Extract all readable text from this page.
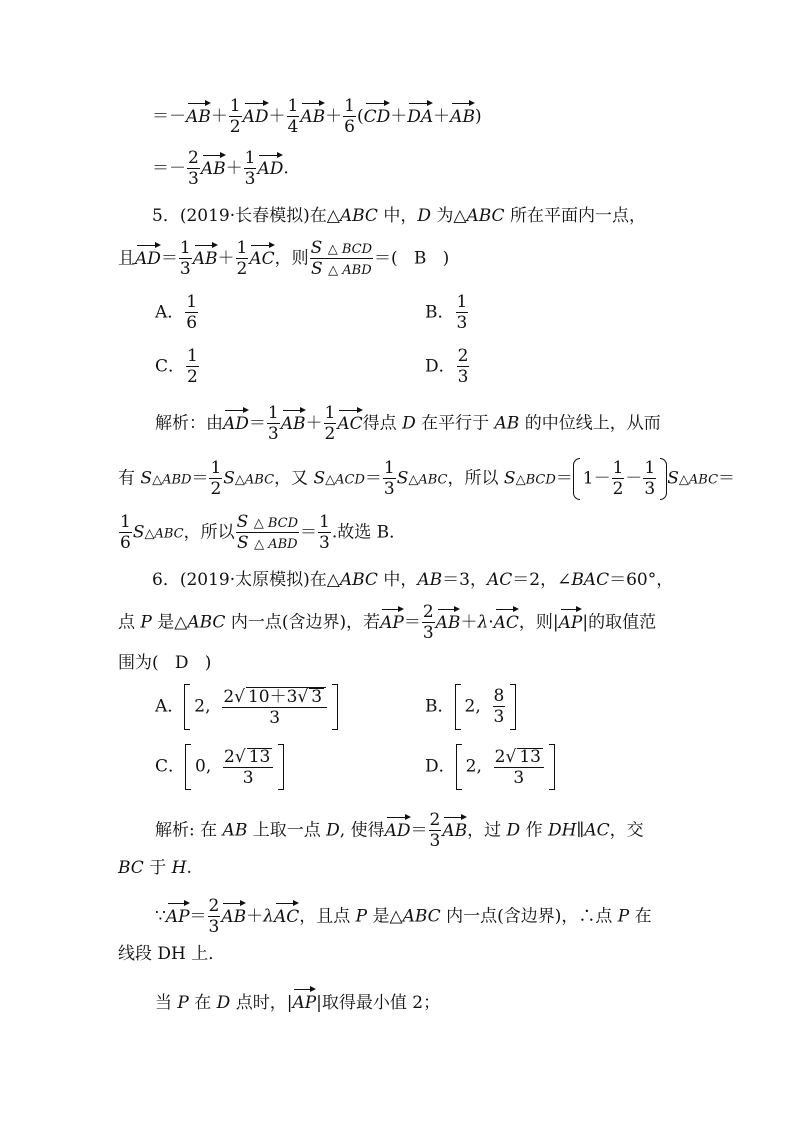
$=-AB+ \frac{1}{2} AD+ \frac{1}{4} AB+ \frac{1}{6} (CD+DA+AB)$
＝－ $\frac{2}{3} AB+ \frac{1}{3}$ AD.
5．(2019·长春模拟)在△ABC 中，D 为△ABC 所在平面内一点，
且$AD= \frac{1}{3} AB+ \frac{1}{2}$ AC，则 $\frac{\text{S △ BCD}}{\text{S △ ABD}}$ ＝(   B   )
A． $\frac{1}{6}$	B． $\frac{1}{3}$
C． $\frac{1}{2}$	D． $\frac{2}{3}$
解析：由$AD= \frac{1}{3} AB+ \frac{1}{2}$ AC得点 D 在平行于 AB 的中位线上，从而
有 S△ABD＝ $\frac{1}{2}$ S△ABC，又 S△ACD＝ $\frac{1}{3}$ S△ABC，所以 S△BCD＝ $1- \frac{1}{2} - \frac{1}{3}$ S△ABC＝
$\frac{1}{6}$ S△ABC，所以 $\frac{\text{S △ BCD}}{\text{S △ ABD}} = \frac{1}{3}$ .故选 B．
6．(2019·太原模拟)在△ABC 中，AB＝3，AC＝2，∠BAC＝60°，
点 P 是△ABC 内一点(含边界)，若$AP= \frac{2}{3} AB+\lambda\cdot AC$，则|AP|的取值范
围为( D   )
A． 2, $\frac{2√ 10+3√ 3}{3}$	B． 2, $\frac{8}{3}$
C． 0, $\frac{2√ 13}{3}$	D． 2, $\frac{2√ 13}{3}$
解析: 在 AB 上取一点 D, 使得$AD= \frac{2}{3}$ AB，过 D 作 DH∥AC，交
BC 于 H.
∵AP＝ $\frac{2}{3} AB+\lambda AC$，且点 P 是△ABC 内一点(含边界)，∴点 P 在
线段 DH 上．
当 P 在 D 点时，|AP|取得最小值 2；
